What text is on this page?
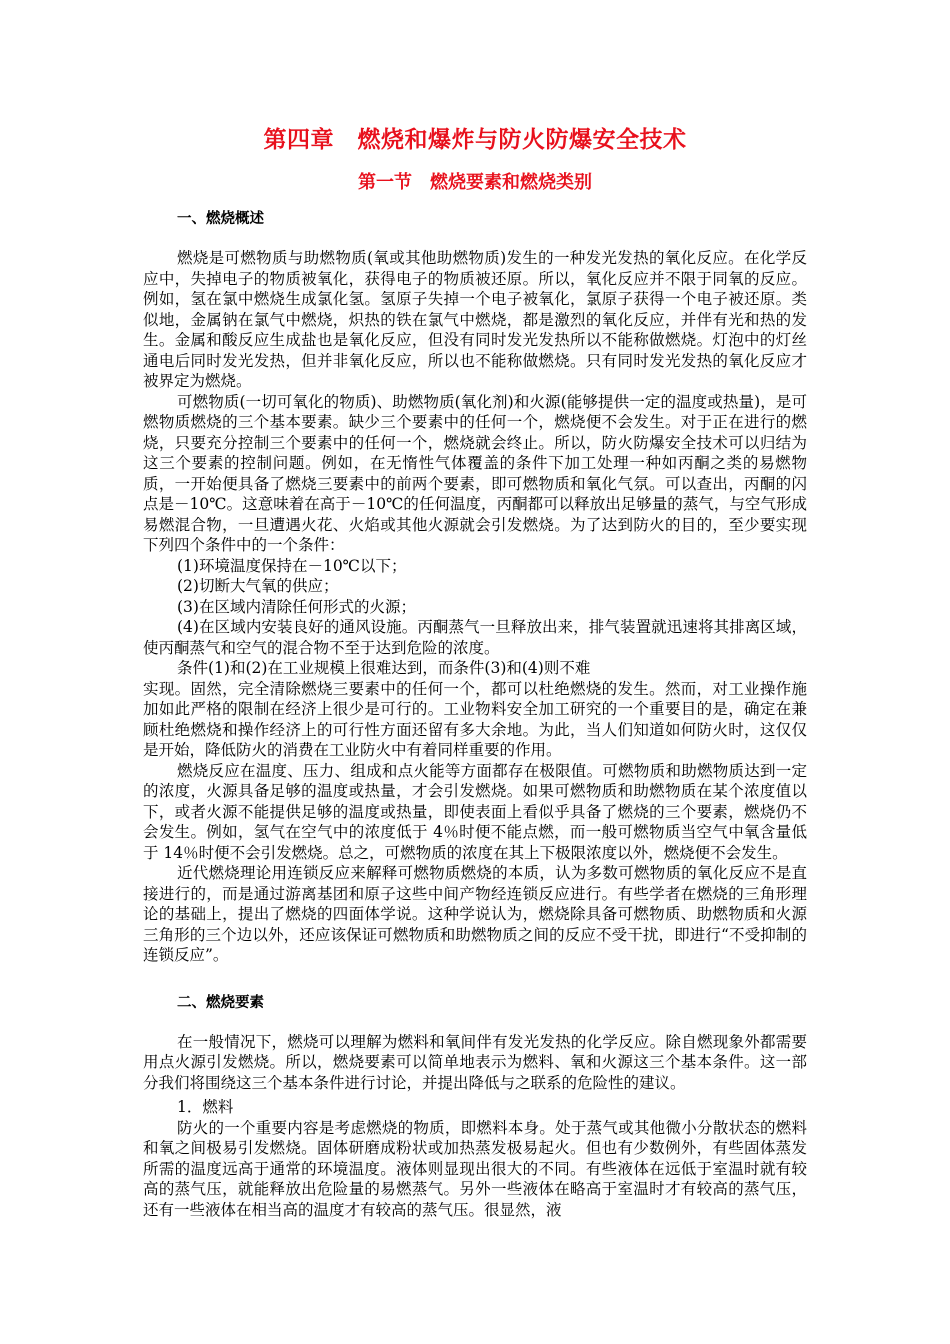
第四章　燃烧和爆炸与防火防爆安全技术
第一节　燃烧要素和燃烧类别
一、燃烧概述

燃烧是可燃物质与助燃物质(氧或其他助燃物质)发生的一种发光发热的氧化反应。在化学反应中，失掉电子的物质被氧化，获得电子的物质被还原。所以，氧化反应并不限于同氧的反应。例如，氢在氯中燃烧生成氯化氢。氢原子失掉一个电子被氧化，氯原子获得一个电子被还原。类似地，金属钠在氯气中燃烧，炽热的铁在氯气中燃烧，都是激烈的氧化反应，并伴有光和热的发生。金属和酸反应生成盐也是氧化反应，但没有同时发光发热所以不能称做燃烧。灯泡中的灯丝通电后同时发光发热，但并非氧化反应，所以也不能称做燃烧。只有同时发光发热的氧化反应才被界定为燃烧。

可燃物质(一切可氧化的物质)、助燃物质(氧化剂)和火源(能够提供一定的温度或热量)，是可燃物质燃烧的三个基本要素。缺少三个要素中的任何一个，燃烧便不会发生。对于正在进行的燃烧，只要充分控制三个要素中的任何一个，燃烧就会终止。所以，防火防爆安全技术可以归结为这三个要素的控制问题。例如，在无惰性气体覆盖的条件下加工处理一种如丙酮之类的易燃物质，一开始便具备了燃烧三要素中的前两个要素，即可燃物质和氧化气氛。可以查出，丙酮的闪点是－10℃。这意味着在高于－10℃的任何温度，丙酮都可以释放出足够量的蒸气，与空气形成易燃混合物，一旦遭遇火花、火焰或其他火源就会引发燃烧。为了达到防火的目的，至少要实现下列四个条件中的一个条件：

(1)环境温度保持在－10℃以下；

(2)切断大气氧的供应；

(3)在区域内清除任何形式的火源；

(4)在区域内安装良好的通风设施。丙酮蒸气一旦释放出来，排气装置就迅速将其排离区域，使丙酮蒸气和空气的混合物不至于达到危险的浓度。

条件(1)和(2)在工业规模上很难达到，而条件(3)和(4)则不难

实现。固然，完全清除燃烧三要素中的任何一个，都可以杜绝燃烧的发生。然而，对工业操作施加如此严格的限制在经济上很少是可行的。工业物料安全加工研究的一个重要目的是，确定在兼顾杜绝燃烧和操作经济上的可行性方面还留有多大余地。为此，当人们知道如何防火时，这仅仅是开始，降低防火的消费在工业防火中有着同样重要的作用。

燃烧反应在温度、压力、组成和点火能等方面都存在极限值。可燃物质和助燃物质达到一定的浓度，火源具备足够的温度或热量，才会引发燃烧。如果可燃物质和助燃物质在某个浓度值以下，或者火源不能提供足够的温度或热量，即使表面上看似乎具备了燃烧的三个要素，燃烧仍不会发生。例如，氢气在空气中的浓度低于 4％时便不能点燃，而一般可燃物质当空气中氧含量低于 14％时便不会引发燃烧。总之，可燃物质的浓度在其上下极限浓度以外，燃烧便不会发生。

近代燃烧理论用连锁反应来解释可燃物质燃烧的本质，认为多数可燃物质的氧化反应不是直接进行的，而是通过游离基团和原子这些中间产物经连锁反应进行。有些学者在燃烧的三角形理论的基础上，提出了燃烧的四面体学说。这种学说认为，燃烧除具备可燃物质、助燃物质和火源三角形的三个边以外，还应该保证可燃物质和助燃物质之间的反应不受干扰，即进行“不受抑制的连锁反应”。

二、燃烧要素

在一般情况下，燃烧可以理解为燃料和氧间伴有发光发热的化学反应。除自燃现象外都需要用点火源引发燃烧。所以，燃烧要素可以简单地表示为燃料、氧和火源这三个基本条件。这一部分我们将围绕这三个基本条件进行讨论，并提出降低与之联系的危险性的建议。

1．燃料

防火的一个重要内容是考虑燃烧的物质，即燃料本身。处于蒸气或其他微小分散状态的燃料和氧之间极易引发燃烧。固体研磨成粉状或加热蒸发极易起火。但也有少数例外，有些固体蒸发所需的温度远高于通常的环境温度。液体则显现出很大的不同。有些液体在远低于室温时就有较高的蒸气压，就能释放出危险量的易燃蒸气。另外一些液体在略高于室温时才有较高的蒸气压，还有一些液体在相当高的温度才有较高的蒸气压。很显然，液
